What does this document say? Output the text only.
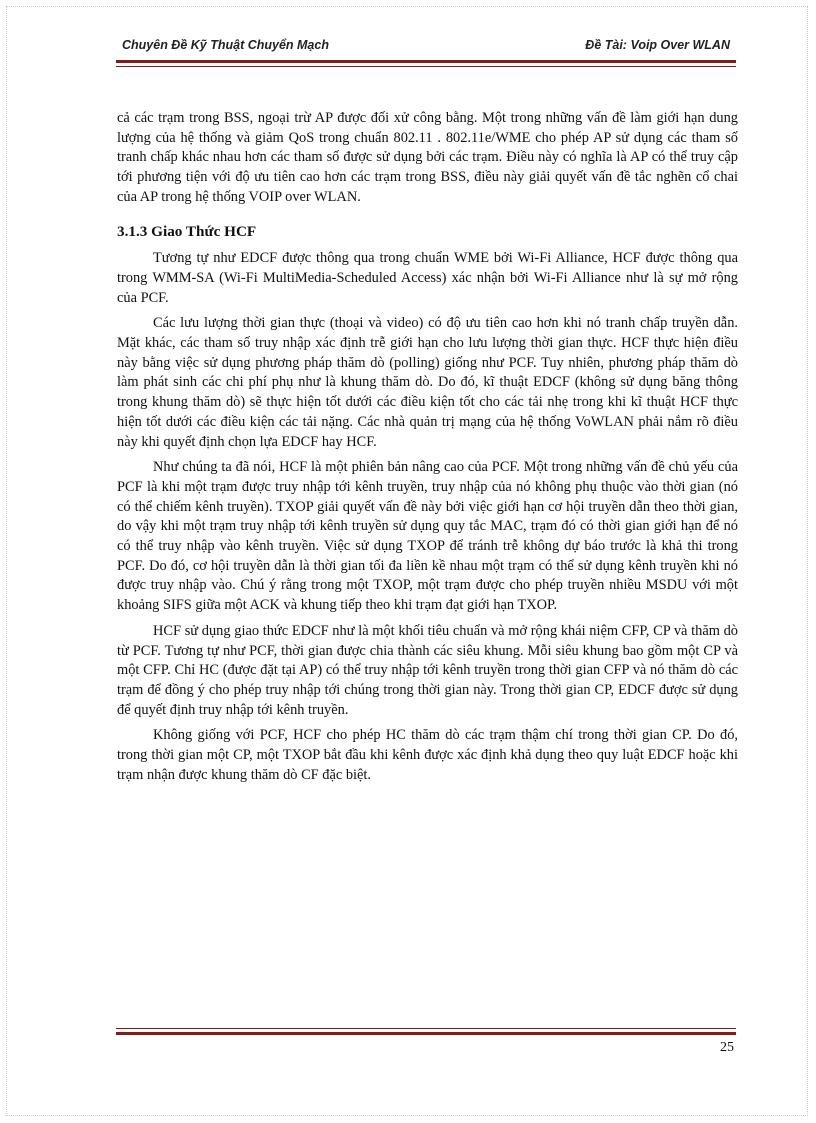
Chuyên Đề Kỹ Thuật Chuyển Mạch	Đề Tài: Voip Over WLAN

cả các trạm trong BSS, ngoại trừ AP được đối xử công bằng. Một trong những vấn đề làm giới hạn dung lượng của hệ thống và giảm QoS trong chuẩn 802.11 . 802.11e/WME cho phép AP sử dụng các tham số tranh chấp khác nhau hơn các tham số được sử dụng bởi các trạm. Điều này có nghĩa là AP có thể truy cập tới phương tiện với độ ưu tiên cao hơn các trạm trong BSS, điều này giải quyết vấn đề tắc nghẽn cổ chai của AP trong hệ thống VOIP over WLAN.

3.1.3 Giao Thức HCF

Tương tự như EDCF được thông qua trong chuẩn WME bởi Wi-Fi Alliance, HCF được thông qua trong WMM-SA (Wi-Fi MultiMedia-Scheduled Access) xác nhận bởi Wi-Fi Alliance như là sự mở rộng của PCF.

Các lưu lượng thời gian thực (thoại và video) có độ ưu tiên cao hơn khi nó tranh chấp truyền dẫn. Mặt khác, các tham số truy nhập xác định trễ giới hạn cho lưu lượng thời gian thực. HCF thực hiện điều này bằng việc sử dụng phương pháp thăm dò (polling) giống như PCF. Tuy nhiên, phương pháp thăm dò làm phát sinh các chi phí phụ như là khung thăm dò. Do đó, kĩ thuật EDCF (không sử dụng băng thông trong khung thăm dò) sẽ thực hiện tốt dưới các điều kiện tốt cho các tải nhẹ trong khi kĩ thuật HCF thực hiện tốt dưới các điều kiện các tải nặng. Các nhà quản trị mạng của hệ thống VoWLAN phải nắm rõ điều này khi quyết định chọn lựa EDCF hay HCF.

Như chúng ta đã nói, HCF là một phiên bản nâng cao của PCF. Một trong những vấn đề chủ yếu của PCF là khi một trạm được truy nhập tới kênh truyền, truy nhập của nó không phụ thuộc vào thời gian (nó có thể chiếm kênh truyền). TXOP giải quyết vấn đề này bởi việc giới hạn cơ hội truyền dẫn theo thời gian, do vậy khi một trạm truy nhập tới kênh truyền sử dụng quy tắc MAC, trạm đó có thời gian giới hạn để nó có thể truy nhập vào kênh truyền. Việc sử dụng TXOP để tránh trễ không dự báo trước là khả thi trong PCF. Do đó, cơ hội truyền dẫn là thời gian tối đa liền kề nhau một trạm có thể sử dụng kênh truyền khi nó được truy nhập vào. Chú ý rằng trong một TXOP, một trạm được cho phép truyền nhiều MSDU với một khoảng SIFS giữa một ACK và khung tiếp theo khi trạm đạt giới hạn TXOP.

HCF sử dụng giao thức EDCF như là một khối tiêu chuẩn và mở rộng khái niệm CFP, CP và thăm dò từ PCF. Tương tự như PCF, thời gian được chia thành các siêu khung. Mỗi siêu khung bao gồm một CP và một CFP. Chỉ HC (được đặt tại AP) có thể truy nhập tới kênh truyền trong thời gian CFP và nó thăm dò các trạm để đồng ý cho phép truy nhập tới chúng trong thời gian này. Trong thời gian CP, EDCF được sử dụng để quyết định truy nhập tới kênh truyền.

Không giống với PCF, HCF cho phép HC thăm dò các trạm thậm chí trong thời gian CP. Do đó, trong thời gian một CP, một TXOP bắt đầu khi kênh được xác định khả dụng theo quy luật EDCF hoặc khi trạm nhận được khung thăm dò CF đặc biệt.

25
